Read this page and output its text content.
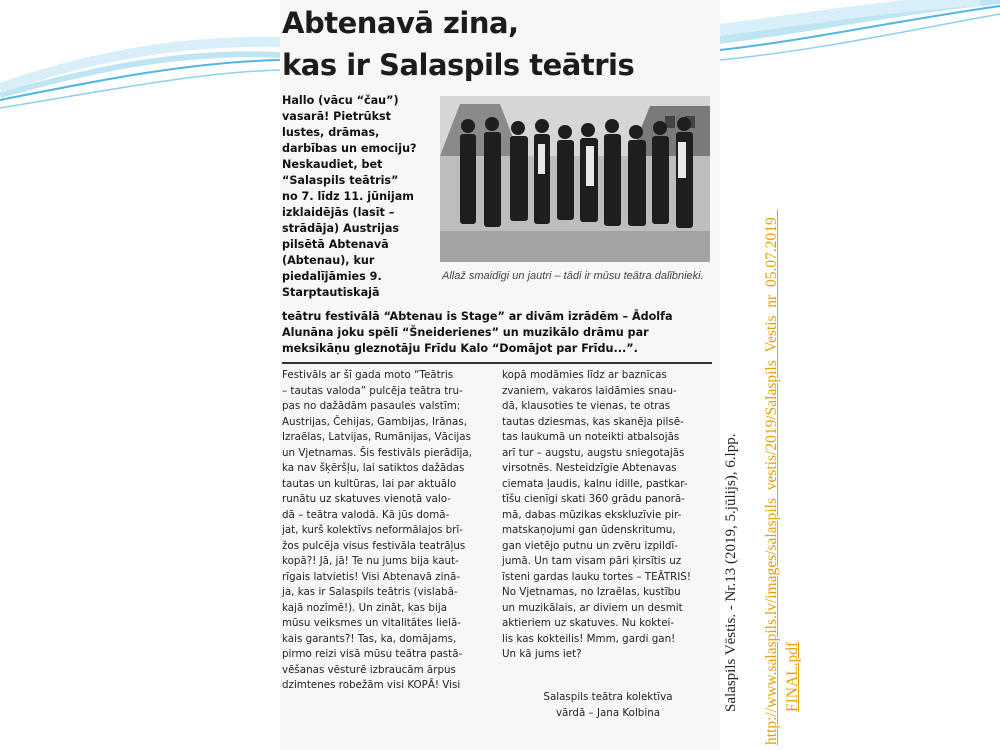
Abtenavā zina,
kas ir Salaspils teātris

Hallo (vācu “čau”)
vasarā! Pietrūkst
lustes, drāmas,
darbības un emociju?
Neskaudiet, bet
“Salaspils teātris”
no 7. līdz 11. jūnijam
izklaidējās (lasīt –
strādāja) Austrijas
pilsētā Abtenavā
(Abtenau), kur
piedalījāmies 9.
Starptautiskajā

Allaž smaidīgi un jautri – tādi ir mūsu teātra dalībnieki.

teātru festivālā “Abtenau is Stage” ar divām izrādēm – Ādolfa
Alunāna joku spēlī “Šneiderienes” un muzikālo drāmu par
meksikāņu gleznotāju Frīdu Kalo “Domājot par Frīdu...”.

Festivāls ar šī gada moto “Teātris
– tautas valoda” pulcēja teātra tru-
pas no dažādām pasaules valstīm:
Austrijas, Čehijas, Gambijas, Irānas,
Izraēlas, Latvijas, Rumānijas, Vācijas
un Vjetnamas. Šis festivāls pierādīja,
ka nav šķēršļu, lai satiktos dažādas
tautas un kultūras, lai par aktuālo
runātu uz skatuves vienotā valo-
dā – teātra valodā. Kā jūs domā-
jat, kurš kolektīvs neformālajos brī-
žos pulcēja visus festivāla teatrāļus
kopā?! Jā, jā! Te nu jums bija kaut-
rīgais latvietis! Visi Abtenavā zinā-
ja, kas ir Salaspils teātris (vislabā-
kajā nozīmē!). Un zināt, kas bija
mūsu veiksmes un vitalitātes lielā-
kais garants?! Tas, ka, domājams,
pirmo reizi visā mūsu teātra pastā-
vēšanas vēsturē izbraucām ārpus
dzimtenes robežām visi KOPĀ! Visi

kopā modāmies līdz ar baznīcas
zvaniem, vakaros laidāmies snau-
dā, klausoties te vienas, te otras
tautas dziesmas, kas skanēja pilsē-
tas laukumā un noteikti atbalsojās
arī tur – augstu, augstu sniegotajās
virsotnēs. Nesteidzīgie Abtenavas
ciemata ļaudis, kalnu idille, pastkar-
tīšu cienīgi skati 360 grādu panorā-
mā, dabas mūzikas ekskluzīvie pir-
matskaņojumi gan ūdenskritumu,
gan vietējo putnu un zvēru izpildī-
jumā. Un tam visam pāri ķirsītis uz
īsteni gardas lauku tortes – TEĀTRIS!
No Vjetnamas, no Izraēlas, kustību
un muzikālais, ar diviem un desmit
aktieriem uz skatuves. Nu koktei-
lis kas kokteilis! Mmm, gardi gan!
Un kā jums iet?

Salaspils teātra kolektīva
vārdā – Jana Kolbina

Salaspils Vēstis. - Nr.13 (2019, 5.jūlijs), 6.lpp. http://www.salaspils.lv/images/salaspils_vestis/2019/Salaspils_Vestis_nr_05.07.2019_ FINAL.pdf
